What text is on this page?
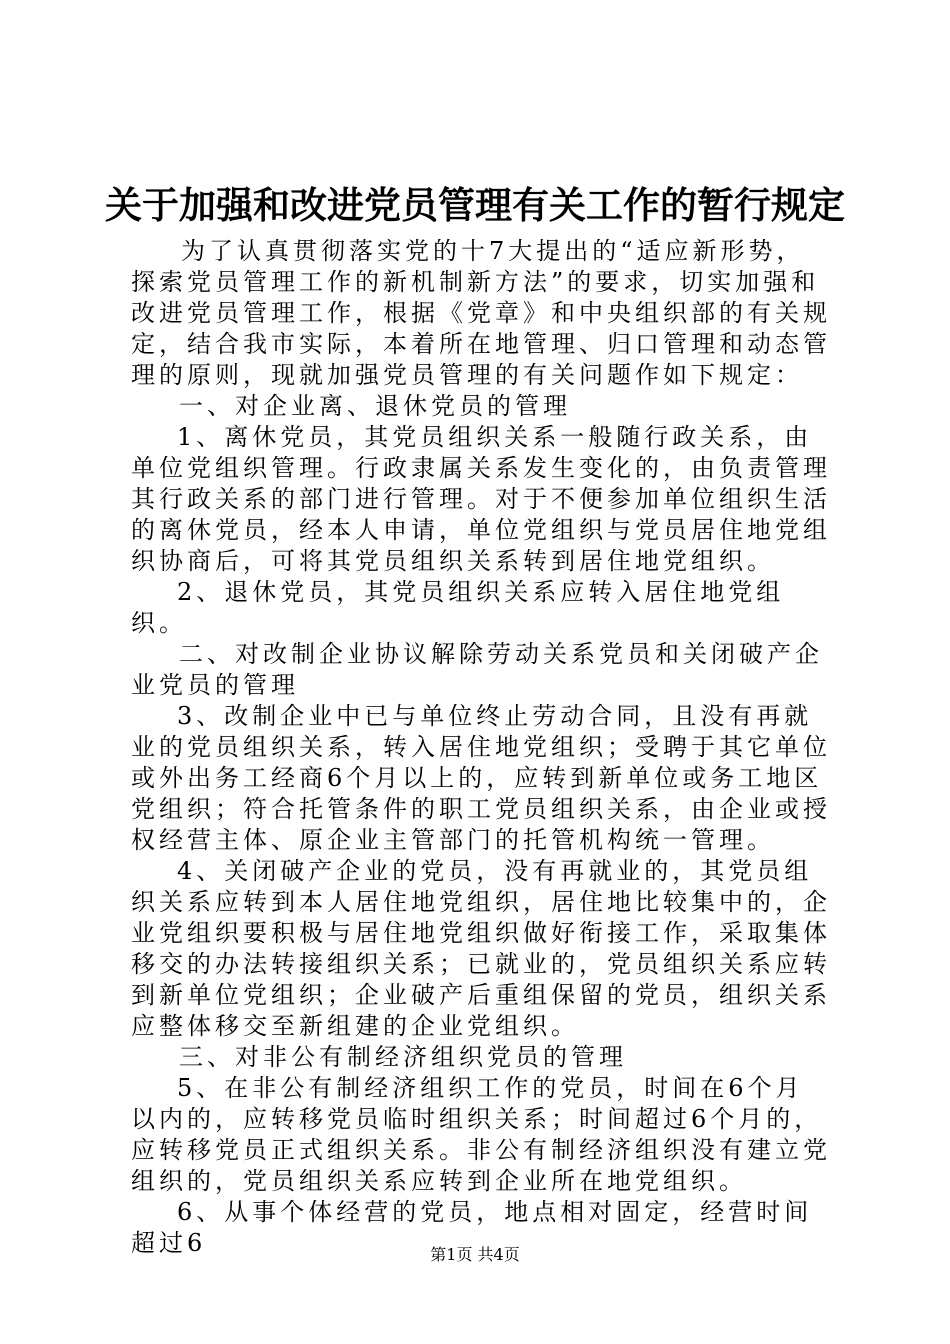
关于加强和改进党员管理有关工作的暂行规定

为了认真贯彻落实党的十7大提出的“适应新形势，探索党员管理工作的新机制新方法”的要求，切实加强和改进党员管理工作，根据《党章》和中央组织部的有关规定，结合我市实际，本着所在地管理、归口管理和动态管理的原则，现就加强党员管理的有关问题作如下规定：

一、对企业离、退休党员的管理

1、离休党员，其党员组织关系一般随行政关系，由单位党组织管理。行政隶属关系发生变化的，由负责管理其行政关系的部门进行管理。对于不便参加单位组织生活的离休党员，经本人申请，单位党组织与党员居住地党组织协商后，可将其党员组织关系转到居住地党组织。

2、退休党员，其党员组织关系应转入居住地党组织。

二、对改制企业协议解除劳动关系党员和关闭破产企业党员的管理

3、改制企业中已与单位终止劳动合同，且没有再就业的党员组织关系，转入居住地党组织；受聘于其它单位或外出务工经商6个月以上的，应转到新单位或务工地区党组织；符合托管条件的职工党员组织关系，由企业或授权经营主体、原企业主管部门的托管机构统一管理。

4、关闭破产企业的党员，没有再就业的，其党员组织关系应转到本人居住地党组织，居住地比较集中的，企业党组织要积极与居住地党组织做好衔接工作，采取集体移交的办法转接组织关系；已就业的，党员组织关系应转到新单位党组织；企业破产后重组保留的党员，组织关系应整体移交至新组建的企业党组织。

三、对非公有制经济组织党员的管理

5、在非公有制经济组织工作的党员，时间在6个月以内的，应转移党员临时组织关系；时间超过6个月的，应转移党员正式组织关系。非公有制经济组织没有建立党组织的，党员组织关系应转到企业所在地党组织。

6、从事个体经营的党员，地点相对固定，经营时间超过6	第1页 共4页
